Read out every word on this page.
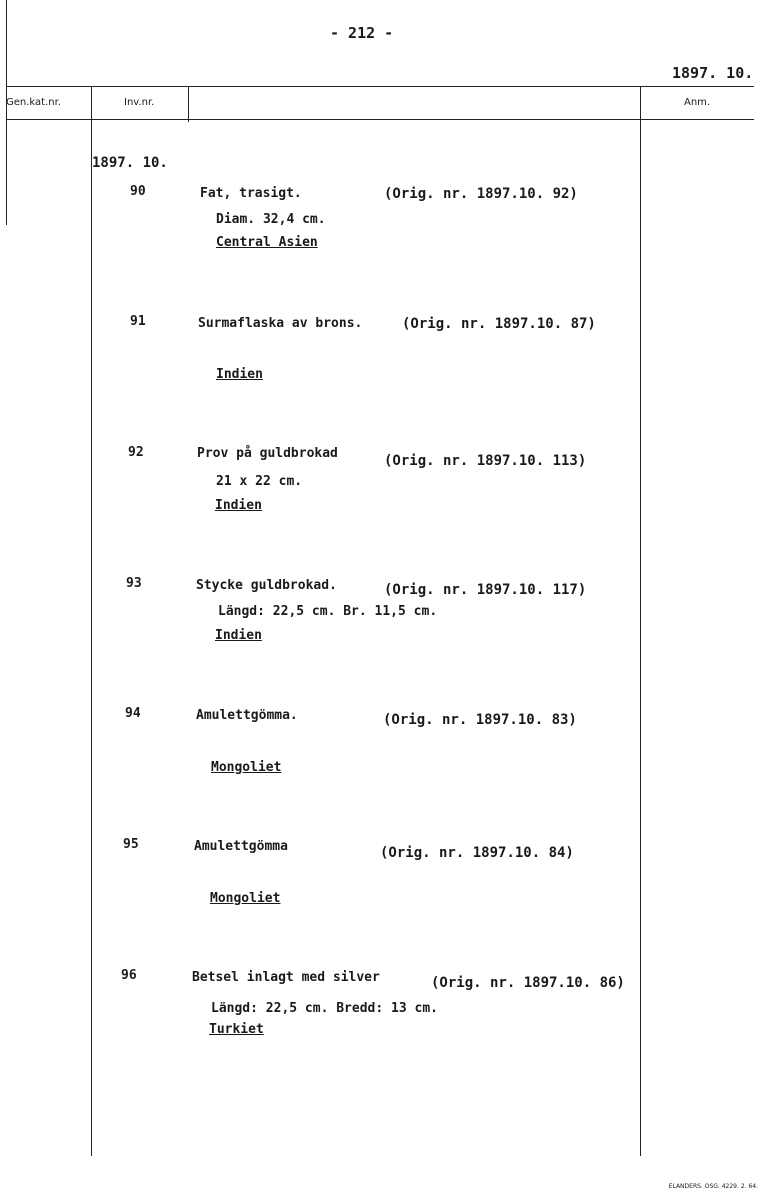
- 212 -
1897. 10.
Gen.kat.nr.	Inv.nr.	Anm.
1897. 10.
90	Fat, trasigt.	(Orig. nr. 1897.10. 92)
Diam. 32,4 cm.
Central Asien
91	Surmaflaska av brons.	(Orig. nr. 1897.10. 87)
Indien
92	Prov på guldbrokad	(Orig. nr. 1897.10. 113)
21 x 22 cm.
Indien
93	Stycke guldbrokad.	(Orig. nr. 1897.10. 117)
Längd: 22,5 cm. Br. 11,5 cm.
Indien
94	Amulettgömma.	(Orig. nr. 1897.10. 83)
Mongoliet
95	Amulettgömma	(Orig. nr. 1897.10. 84)
Mongoliet
96	Betsel inlagt med silver	(Orig. nr. 1897.10. 86)
Längd: 22,5 cm. Bredd: 13 cm.
Turkiet
ELANDERS. OSG. 4229. 2. 64.
